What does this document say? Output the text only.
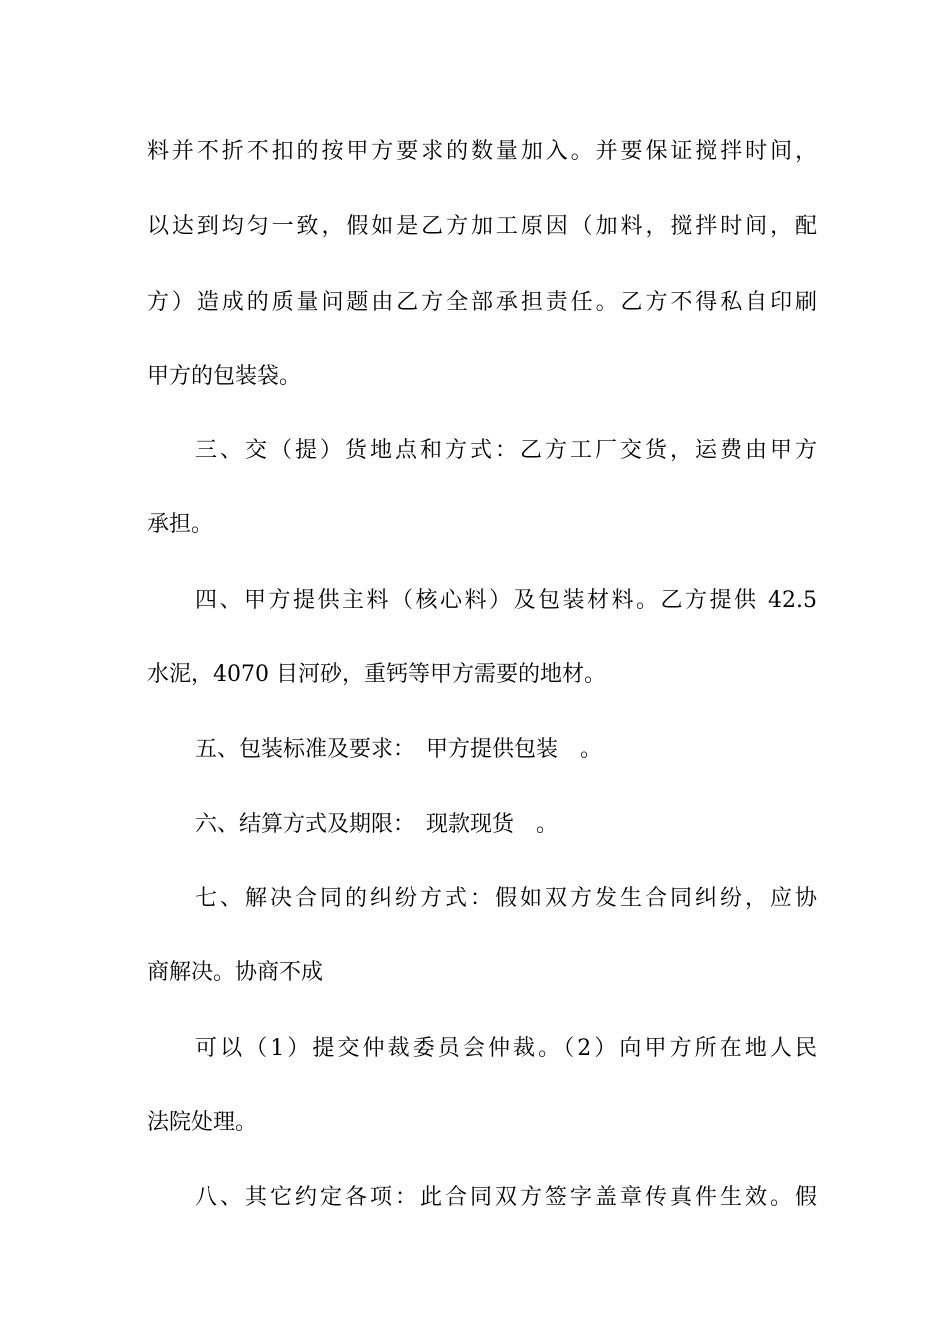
料并不折不扣的按甲方要求的数量加入。并要保证搅拌时间，
以达到均匀一致，假如是乙方加工原因（加料，搅拌时间，配
方）造成的质量问题由乙方全部承担责任。乙方不得私自印刷
甲方的包装袋。
三、交（提）货地点和方式：乙方工厂交货，运费由甲方
承担。
四、甲方提供主料（核心料）及包装材料。乙方提供 42.5
水泥，4070 目河砂，重钙等甲方需要的地材。
五、包装标准及要求：　甲方提供包装　。
六、结算方式及期限：　现款现货　。
七、解决合同的纠纷方式：假如双方发生合同纠纷，应协
商解决。协商不成
可以（1）提交仲裁委员会仲裁。（2）向甲方所在地人民
法院处理。
八、其它约定各项：此合同双方签字盖章传真件生效。假
